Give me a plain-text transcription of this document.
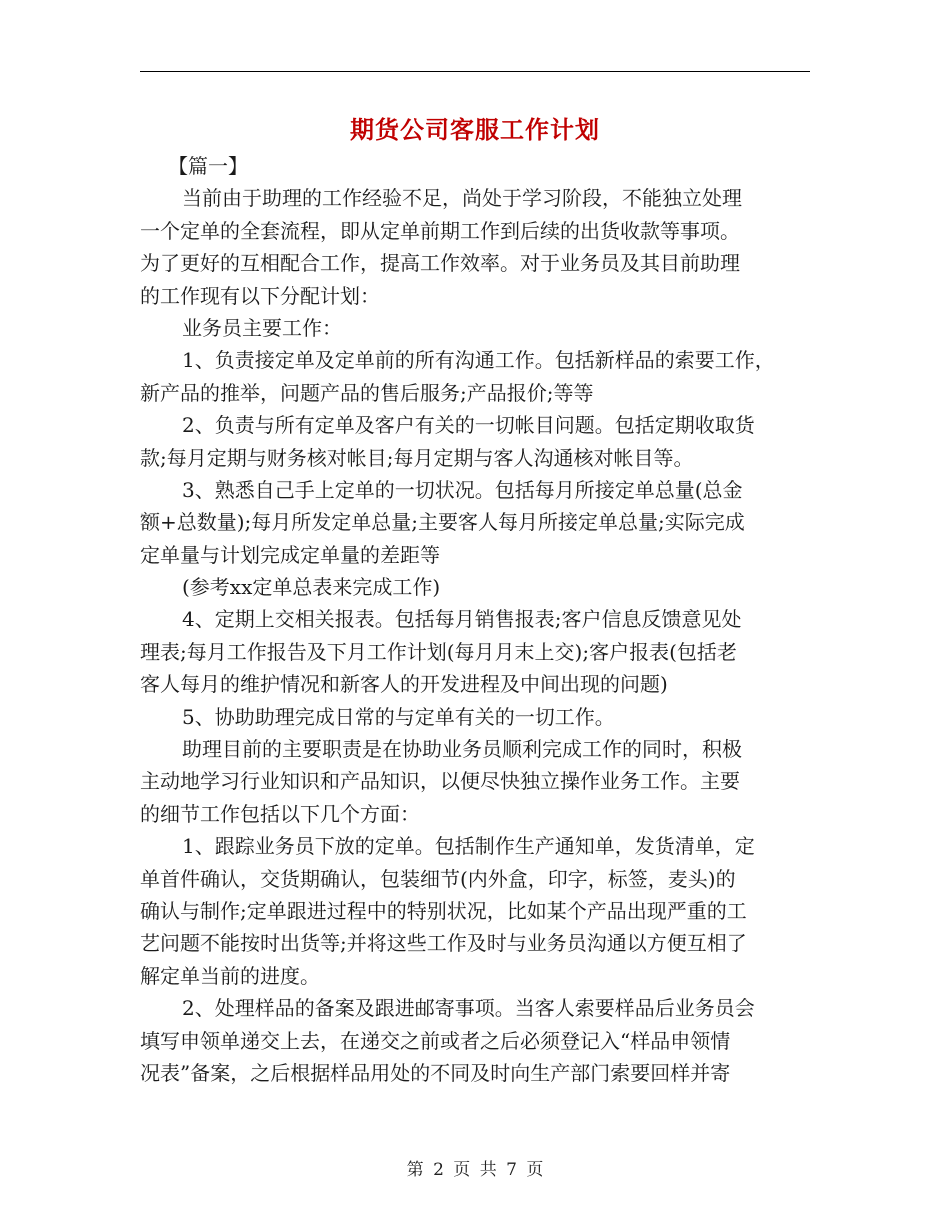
期货公司客服工作计划
【篇一】
当前由于助理的工作经验不足，尚处于学习阶段，不能独立处理
一个定单的全套流程，即从定单前期工作到后续的出货收款等事项。
为了更好的互相配合工作，提高工作效率。对于业务员及其目前助理
的工作现有以下分配计划：
业务员主要工作：
1、负责接定单及定单前的所有沟通工作。包括新样品的索要工作，
新产品的推举，问题产品的售后服务;产品报价;等等
2、负责与所有定单及客户有关的一切帐目问题。包括定期收取货
款;每月定期与财务核对帐目;每月定期与客人沟通核对帐目等。
3、熟悉自己手上定单的一切状况。包括每月所接定单总量(总金
额+总数量);每月所发定单总量;主要客人每月所接定单总量;实际完成
定单量与计划完成定单量的差距等
(参考xx定单总表来完成工作)
4、定期上交相关报表。包括每月销售报表;客户信息反馈意见处
理表;每月工作报告及下月工作计划(每月月末上交);客户报表(包括老
客人每月的维护情况和新客人的开发进程及中间出现的问题)
5、协助助理完成日常的与定单有关的一切工作。
助理目前的主要职责是在协助业务员顺利完成工作的同时，积极
主动地学习行业知识和产品知识，以便尽快独立操作业务工作。主要
的细节工作包括以下几个方面：
1、跟踪业务员下放的定单。包括制作生产通知单，发货清单，定
单首件确认，交货期确认，包装细节(内外盒，印字，标签，麦头)的
确认与制作;定单跟进过程中的特别状况，比如某个产品出现严重的工
艺问题不能按时出货等;并将这些工作及时与业务员沟通以方便互相了
解定单当前的进度。
2、处理样品的备案及跟进邮寄事项。当客人索要样品后业务员会
填写申领单递交上去，在递交之前或者之后必须登记入“样品申领情
况表”备案，之后根据样品用处的不同及时向生产部门索要回样并寄
第 2 页 共 7 页
